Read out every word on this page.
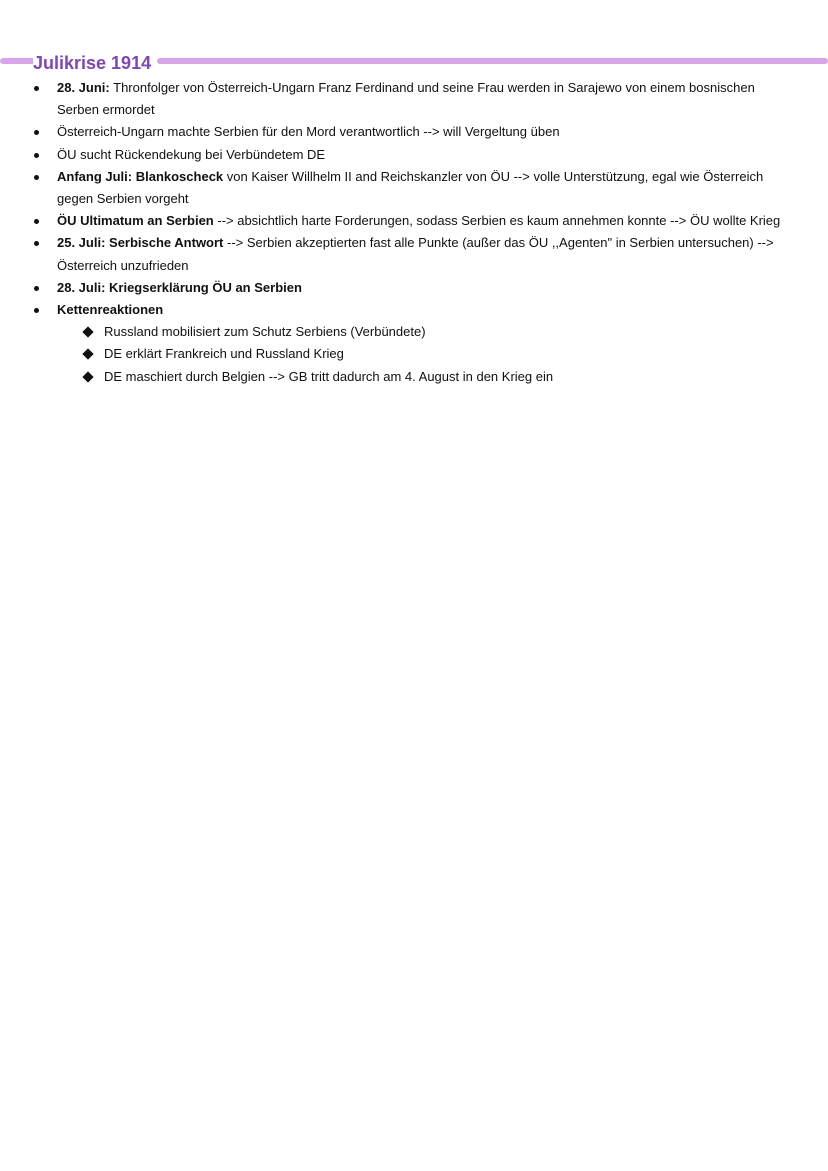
Julikrise 1914
28. Juni: Thronfolger von Österreich-Ungarn Franz Ferdinand und seine Frau werden in Sarajewo von einem bosnischen Serben ermordet
Österreich-Ungarn machte Serbien für den Mord verantwortlich --> will Vergeltung üben
ÖU sucht Rückendekung bei Verbündetem DE
Anfang Juli: Blankoscheck von Kaiser Willhelm II and Reichskanzler von ÖU --> volle Unterstützung, egal wie Österreich gegen Serbien vorgeht
ÖU Ultimatum an Serbien --> absichtlich harte Forderungen, sodass Serbien es kaum annehmen konnte --> ÖU wollte Krieg
25. Juli: Serbische Antwort --> Serbien akzeptierten fast alle Punkte (außer das ÖU ,,Agenten" in Serbien untersuchen) --> Österreich unzufrieden
28. Juli: Kriegserklärung ÖU an Serbien
Kettenreaktionen
Russland mobilisiert zum Schutz Serbiens (Verbündete)
DE erklärt Frankreich und Russland Krieg
DE maschiert durch Belgien --> GB tritt dadurch am 4. August in den Krieg ein
